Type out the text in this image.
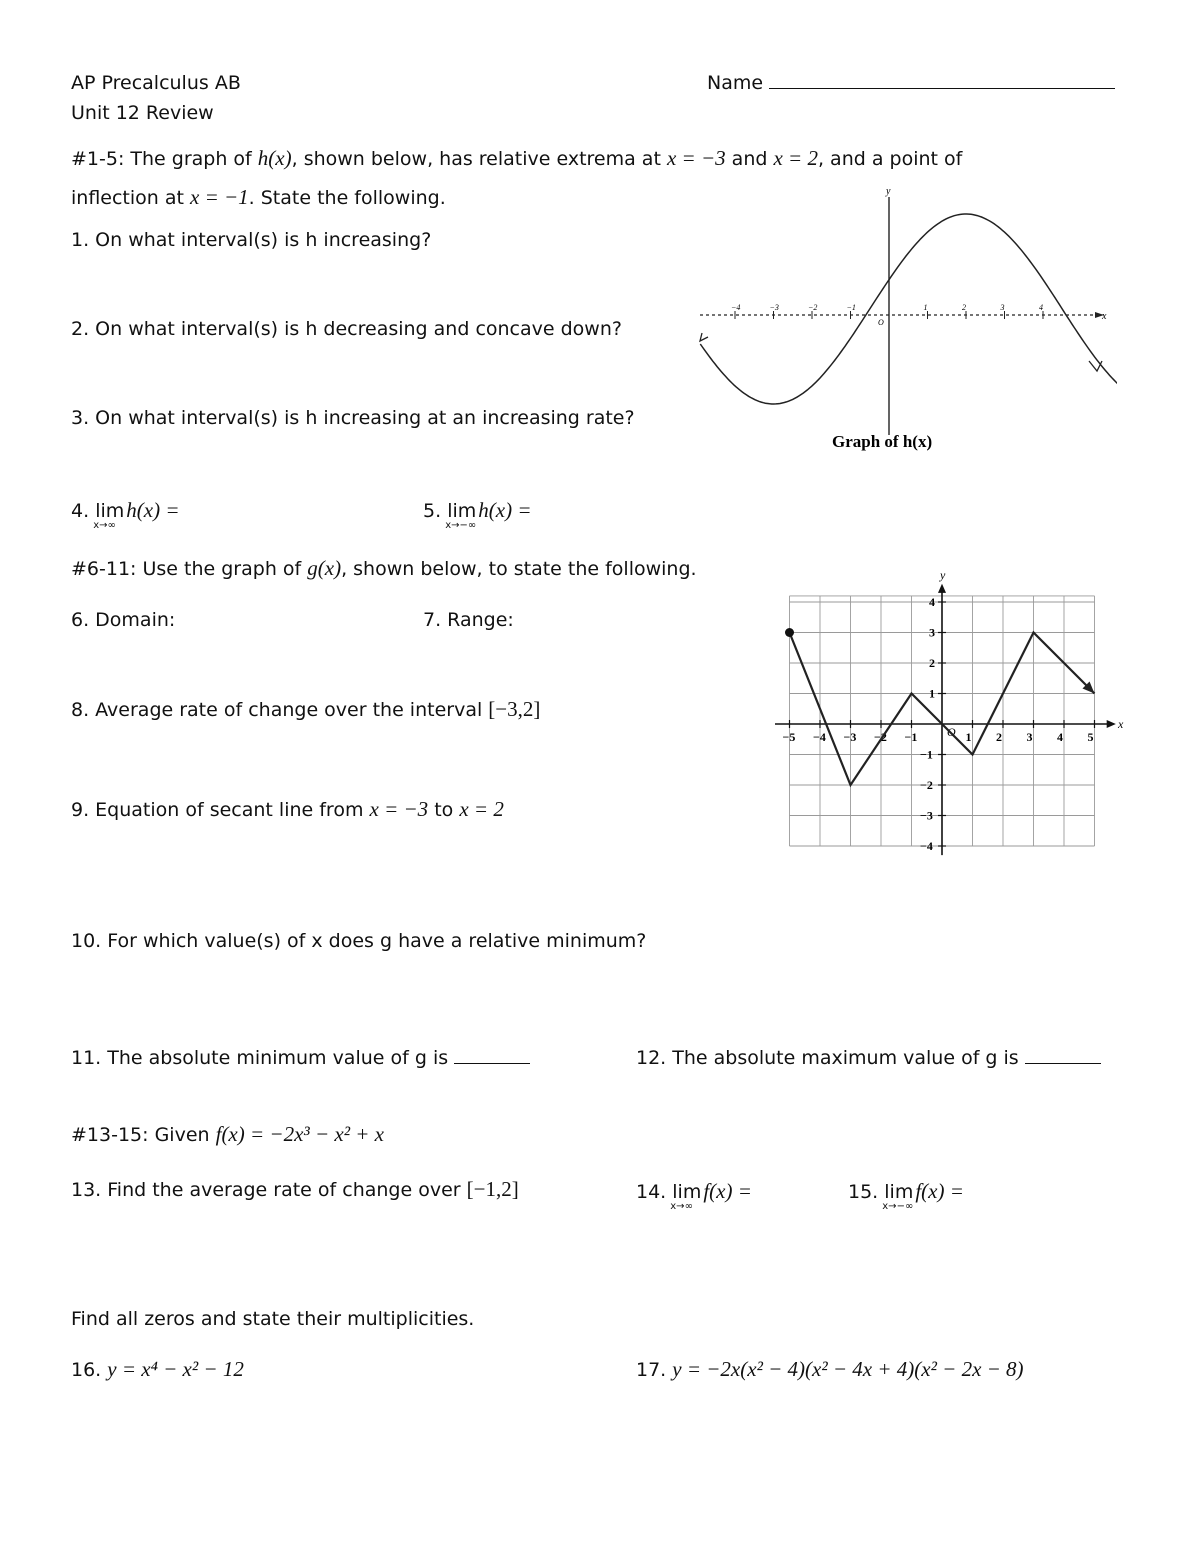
AP Precalculus AB
Unit 12 Review
Name
#1-5: The graph of h(x), shown below, has relative extrema at x = −3 and x = 2, and a point of
inflection at x = −1. State the following.
1. On what interval(s) is h increasing?
2. On what interval(s) is h decreasing and concave down?
3. On what interval(s) is h increasing at an increasing rate?
4. lim
x→∞
h(x) =	5. lim
x→−∞
h(x) =
−4	−3	−2	−1	1	2	3	4
y
x
O
Graph of h(x)
#6-11: Use the graph of g(x), shown below, to state the following.
6. Domain:	7. Range:
8. Average rate of change over the interval [−3,2]
9. Equation of secant line from x = −3 to x = 2
y
x
O
−5 −4 −3 −2 −1	1 2 3 4 5
4
3
2
1
−1
−2
−3
−4
10. For which value(s) of x does g have a relative minimum?
11. The absolute minimum value of g is	12. The absolute maximum value of g is
#13-15: Given f(x) = −2x³ − x² + x
13. Find the average rate of change over [−1,2]	14. lim
x→∞
f(x) =	15. lim
x→−∞
f(x) =
Find all zeros and state their multiplicities.
16. y = x⁴ − x² − 12	17. y = −2x(x² − 4)(x² − 4x + 4)(x² − 2x − 8)
